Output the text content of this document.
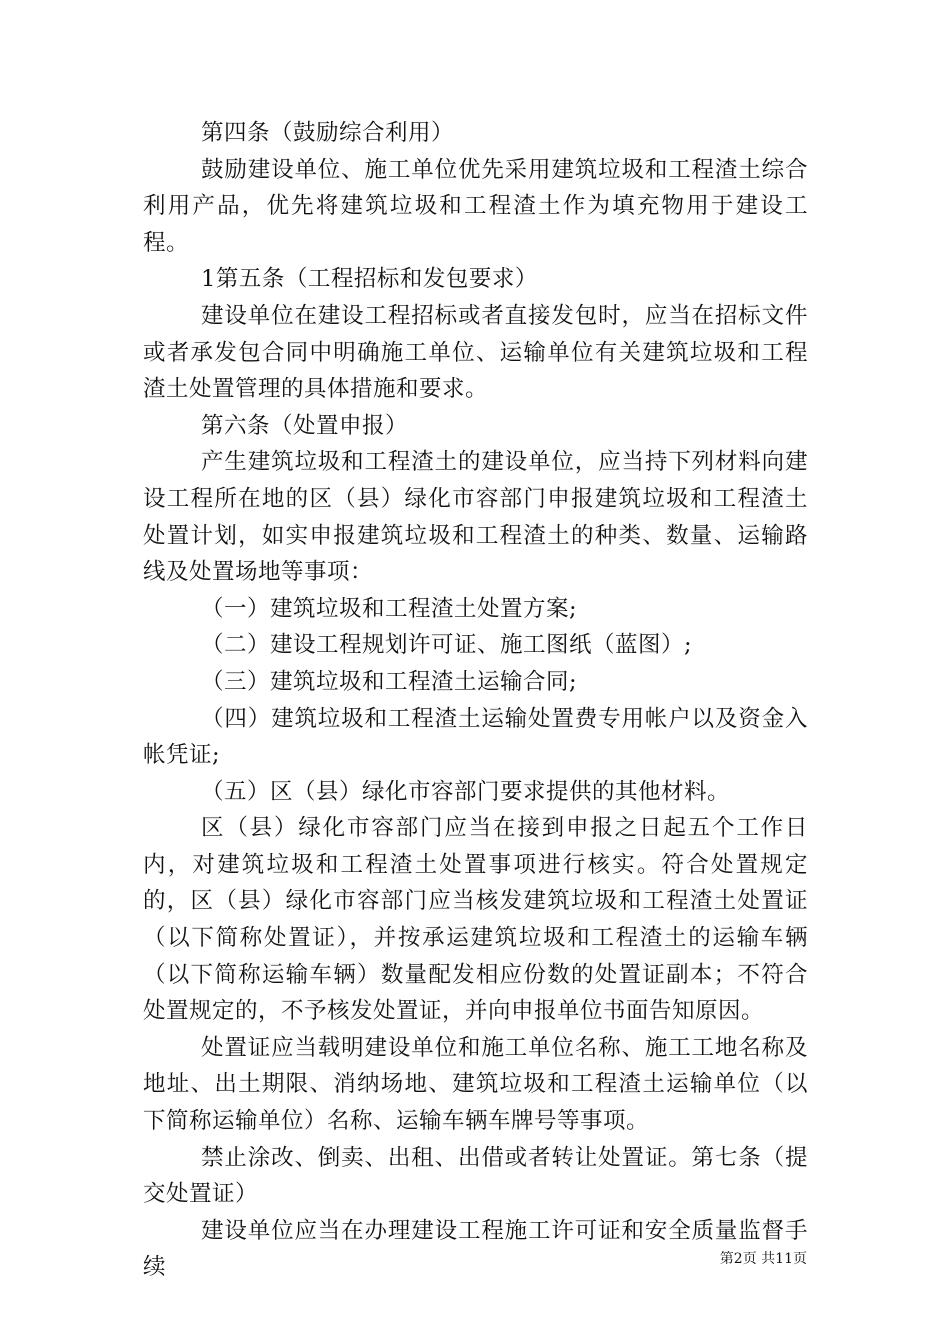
第四条（鼓励综合利用）

鼓励建设单位、施工单位优先采用建筑垃圾和工程渣土综合利用产品，优先将建筑垃圾和工程渣土作为填充物用于建设工程。

1第五条（工程招标和发包要求）

建设单位在建设工程招标或者直接发包时，应当在招标文件或者承发包合同中明确施工单位、运输单位有关建筑垃圾和工程渣土处置管理的具体措施和要求。

第六条（处置申报）

产生建筑垃圾和工程渣土的建设单位，应当持下列材料向建设工程所在地的区（县）绿化市容部门申报建筑垃圾和工程渣土处置计划，如实申报建筑垃圾和工程渣土的种类、数量、运输路线及处置场地等事项：

（一）建筑垃圾和工程渣土处置方案;

（二）建设工程规划许可证、施工图纸（蓝图）;

（三）建筑垃圾和工程渣土运输合同;

（四）建筑垃圾和工程渣土运输处置费专用帐户以及资金入帐凭证;

（五）区（县）绿化市容部门要求提供的其他材料。

区（县）绿化市容部门应当在接到申报之日起五个工作日内，对建筑垃圾和工程渣土处置事项进行核实。符合处置规定的，区（县）绿化市容部门应当核发建筑垃圾和工程渣土处置证（以下简称处置证），并按承运建筑垃圾和工程渣土的运输车辆（以下简称运输车辆）数量配发相应份数的处置证副本；不符合处置规定的，不予核发处置证，并向申报单位书面告知原因。

处置证应当载明建设单位和施工单位名称、施工工地名称及地址、出土期限、消纳场地、建筑垃圾和工程渣土运输单位（以下简称运输单位）名称、运输车辆车牌号等事项。

禁止涂改、倒卖、出租、出借或者转让处置证。第七条（提交处置证）

建设单位应当在办理建设工程施工许可证和安全质量监督手续	第2页 共11页
